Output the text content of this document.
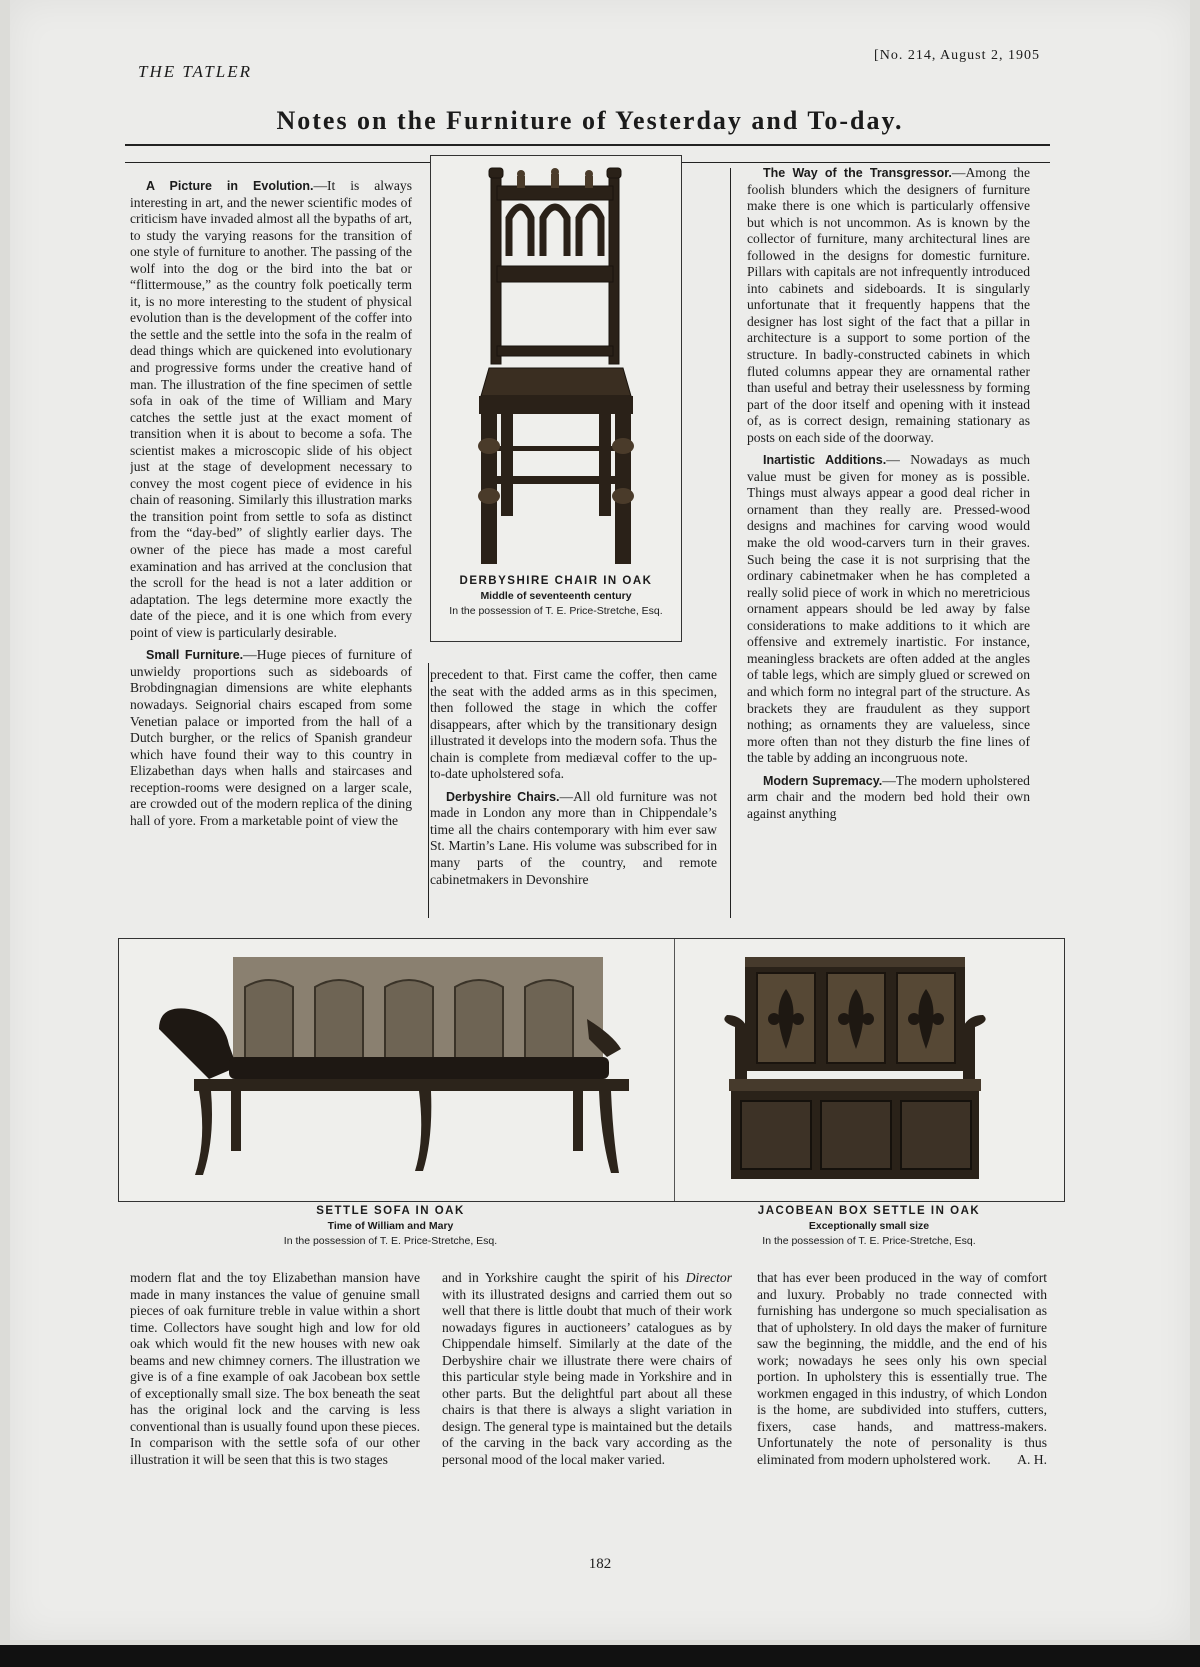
THE TATLER
[No. 214, August 2, 1905
Notes on the Furniture of Yesterday and To-day.

A Picture in Evolution.—It is always interesting in art, and the newer scientific modes of criticism have invaded almost all the bypaths of art, to study the varying reasons for the transition of one style of furniture to another. The passing of the wolf into the dog or the bird into the bat or “flittermouse,” as the country folk poetically term it, is no more interesting to the student of physical evolution than is the development of the coffer into the settle and the settle into the sofa in the realm of dead things which are quickened into evolutionary and progressive forms under the creative hand of man. The illustration of the fine specimen of settle sofa in oak of the time of William and Mary catches the settle just at the exact moment of transition when it is about to become a sofa. The scientist makes a microscopic slide of his object just at the stage of development necessary to convey the most cogent piece of evidence in his chain of reasoning. Similarly this illustration marks the transition point from settle to sofa as distinct from the “day-bed” of slightly earlier days. The owner of the piece has made a most careful examination and has arrived at the conclusion that the scroll for the head is not a later addition or adaptation. The legs determine more exactly the date of the piece, and it is one which from every point of view is particularly desirable.

Small Furniture.—Huge pieces of furniture of unwieldy proportions such as sideboards of Brobdingnagian dimensions are white elephants nowadays. Seignorial chairs escaped from some Venetian palace or imported from the hall of a Dutch burgher, or the relics of Spanish grandeur which have found their way to this country in Elizabethan days when halls and staircases and reception-rooms were designed on a larger scale, are crowded out of the modern replica of the dining hall of yore. From a marketable point of view the

DERBYSHIRE CHAIR IN OAK
Middle of seventeenth century
In the possession of T. E. Price-Stretche, Esq.

precedent to that. First came the coffer, then came the seat with the added arms as in this specimen, then followed the stage in which the coffer disappears, after which by the transitionary design illustrated it develops into the modern sofa. Thus the chain is complete from mediæval coffer to the up-to-date upholstered sofa.

Derbyshire Chairs.—All old furniture was not made in London any more than in Chippendale’s time all the chairs contemporary with him ever saw St. Martin’s Lane. His volume was subscribed for in many parts of the country, and remote cabinetmakers in Devonshire

The Way of the Transgressor.—Among the foolish blunders which the designers of furniture make there is one which is particularly offensive but which is not uncommon. As is known by the collector of furniture, many architectural lines are followed in the designs for domestic furniture. Pillars with capitals are not infrequently introduced into cabinets and sideboards. It is singularly unfortunate that it frequently happens that the designer has lost sight of the fact that a pillar in architecture is a support to some portion of the structure. In badly-constructed cabinets in which fluted columns appear they are ornamental rather than useful and betray their uselessness by forming part of the door itself and opening with it instead of, as is correct design, remaining stationary as posts on each side of the doorway.

Inartistic Additions.— Nowadays as much value must be given for money as is possible. Things must always appear a good deal richer in ornament than they really are. Pressed-wood designs and machines for carving wood would make the old wood-carvers turn in their graves. Such being the case it is not surprising that the ordinary cabinetmaker when he has completed a really solid piece of work in which no meretricious ornament appears should be led away by false considerations to make additions to it which are offensive and extremely inartistic. For instance, meaningless brackets are often added at the angles of table legs, which are simply glued or screwed on and which form no integral part of the structure. As brackets they are fraudulent as they support nothing; as ornaments they are valueless, since more often than not they disturb the fine lines of the table by adding an incongruous note.

Modern Supremacy.—The modern upholstered arm chair and the modern bed hold their own against anything

SETTLE SOFA IN OAK
Time of William and Mary
In the possession of T. E. Price-Stretche, Esq.
JACOBEAN BOX SETTLE IN OAK
Exceptionally small size
In the possession of T. E. Price-Stretche, Esq.

modern flat and the toy Elizabethan mansion have made in many instances the value of genuine small pieces of oak furniture treble in value within a short time. Collectors have sought high and low for old oak which would fit the new houses with new oak beams and new chimney corners. The illustration we give is of a fine example of oak Jacobean box settle of exceptionally small size. The box beneath the seat has the original lock and the carving is less conventional than is usually found upon these pieces. In comparison with the settle sofa of our other illustration it will be seen that this is two stages

and in Yorkshire caught the spirit of his Director with its illustrated designs and carried them out so well that there is little doubt that much of their work nowadays figures in auctioneers’ catalogues as by Chippendale himself. Similarly at the date of the Derbyshire chair we illustrate there were chairs of this particular style being made in Yorkshire and in other parts. But the delightful part about all these chairs is that there is always a slight variation in design. The general type is maintained but the details of the carving in the back vary according as the personal mood of the local maker varied.

that has ever been produced in the way of comfort and luxury. Probably no trade connected with furnishing has undergone so much specialisation as that of upholstery. In old days the maker of furniture saw the beginning, the middle, and the end of his work; nowadays he sees only his own special portion. In upholstery this is essentially true. The workmen engaged in this industry, of which London is the home, are subdivided into stuffers, cutters, fixers, case hands, and mattress-makers. Unfortunately the note of personality is thus eliminated from modern upholstered work. A. H.

182
